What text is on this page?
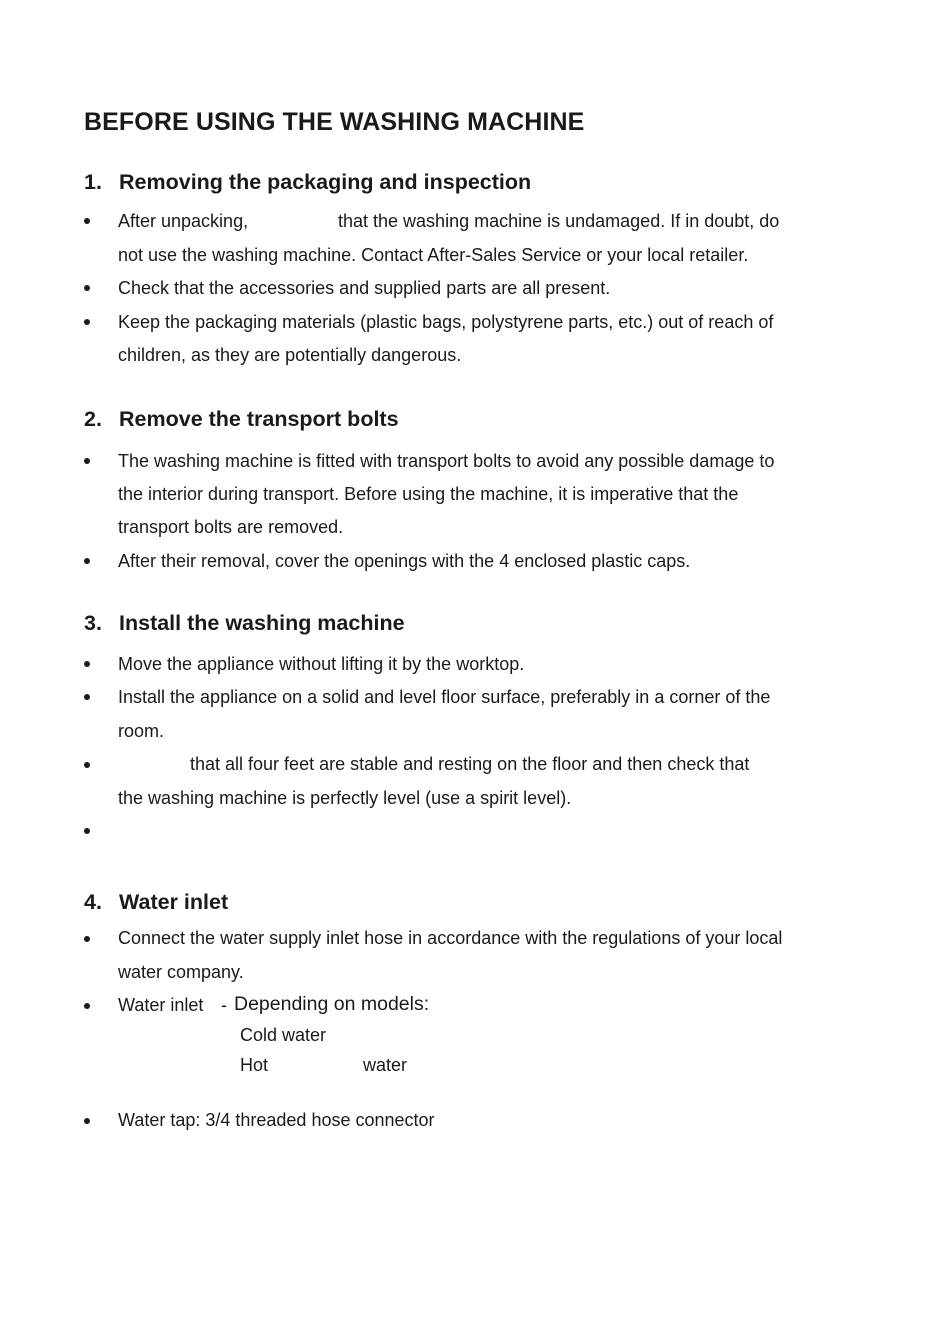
BEFORE USING THE WASHING MACHINE
1. Removing the packaging and inspection
After unpacking,	that the washing machine is undamaged. If in doubt, do
not use the washing machine. Contact After-Sales Service or your local retailer.
Check that the accessories and supplied parts are all present.
Keep the packaging materials (plastic bags, polystyrene parts, etc.) out of reach of
children, as they are potentially dangerous.
2. Remove the transport bolts
The washing machine is fitted with transport bolts to avoid any possible damage to
the interior during transport. Before using the machine, it is imperative that the
transport bolts are removed.
After their removal, cover the openings with the 4 enclosed plastic caps.
3. Install the washing machine
Move the appliance without lifting it by the worktop.
Install the appliance on a solid and level floor surface, preferably in a corner of the
room.
that all four feet are stable and resting on the floor and then check that
the washing machine is perfectly level (use a spirit level).
4. Water inlet
Connect the water supply inlet hose in accordance with the regulations of your local
water company.
Water inlet - Depending on models:
Cold water
Hot	water
Water tap: 3/4 threaded hose connector
